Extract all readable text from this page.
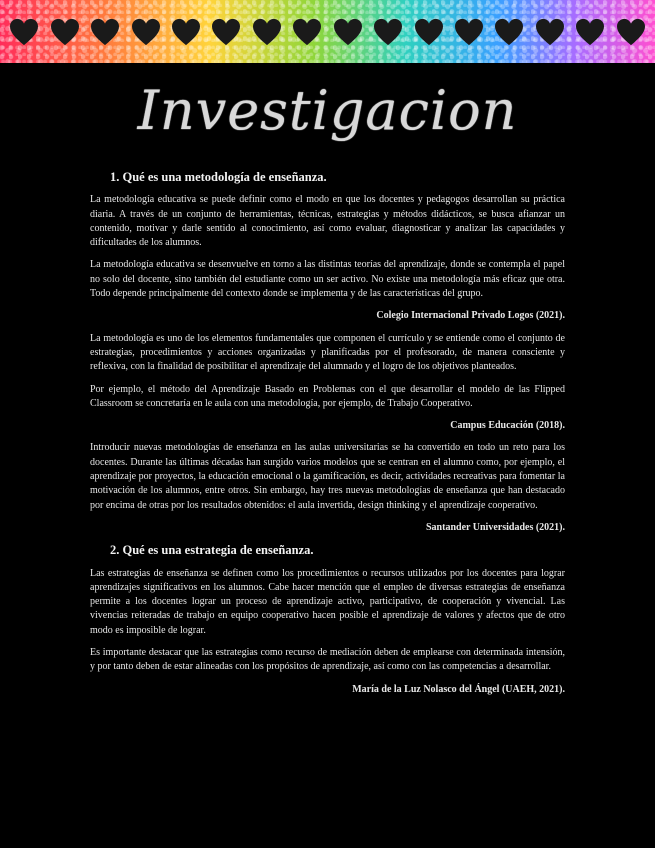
Investigacion
1. Qué es una metodología de enseñanza.

La metodología educativa se puede definir como el modo en que los docentes y pedagogos desarrollan su práctica diaria. A través de un conjunto de herramientas, técnicas, estrategias y métodos didácticos, se busca afianzar un contenido, motivar y darle sentido al conocimiento, así como evaluar, diagnosticar y analizar las capacidades y dificultades de los alumnos.

La metodología educativa se desenvuelve en torno a las distintas teorías del aprendizaje, donde se contempla el papel no solo del docente, sino también del estudiante como un ser activo. No existe una metodología más eficaz que otra. Todo depende principalmente del contexto donde se implementa y de las características del grupo.

Colegio Internacional Privado Logos (2021).

La metodología es uno de los elementos fundamentales que componen el currículo y se entiende como el conjunto de estrategias, procedimientos y acciones organizadas y planificadas por el profesorado, de manera consciente y reflexiva, con la finalidad de posibilitar el aprendizaje del alumnado y el logro de los objetivos planteados.

Por ejemplo, el método del Aprendizaje Basado en Problemas con el que desarrollar el modelo de las Flipped Classroom se concretaría en le aula con una metodología, por ejemplo, de Trabajo Cooperativo.

Campus Educación (2018).

Introducir nuevas metodologías de enseñanza en las aulas universitarias se ha convertido en todo un reto para los docentes. Durante las últimas décadas han surgido varios modelos que se centran en el alumno como, por ejemplo, el aprendizaje por proyectos, la educación emocional o la gamificación, es decir, actividades recreativas para fomentar la motivación de los alumnos, entre otros. Sin embargo, hay tres nuevas metodologías de enseñanza que han destacado por encima de otras por los resultados obtenidos: el aula invertida, design thinking y el aprendizaje cooperativo.

Santander Universidades (2021).
2. Qué es una estrategia de enseñanza.

Las estrategias de enseñanza se definen como los procedimientos o recursos utilizados por los docentes para lograr aprendizajes significativos en los alumnos. Cabe hacer mención que el empleo de diversas estrategias de enseñanza permite a los docentes lograr un proceso de aprendizaje activo, participativo, de cooperación y vivencial. Las vivencias reiteradas de trabajo en equipo cooperativo hacen posible el aprendizaje de valores y afectos que de otro modo es imposible de lograr.

Es importante destacar que las estrategias como recurso de mediación deben de emplearse con determinada intensión, y por tanto deben de estar alineadas con los propósitos de aprendizaje, así como con las competencias a desarrollar.

María de la Luz Nolasco del Ángel (UAEH, 2021).
